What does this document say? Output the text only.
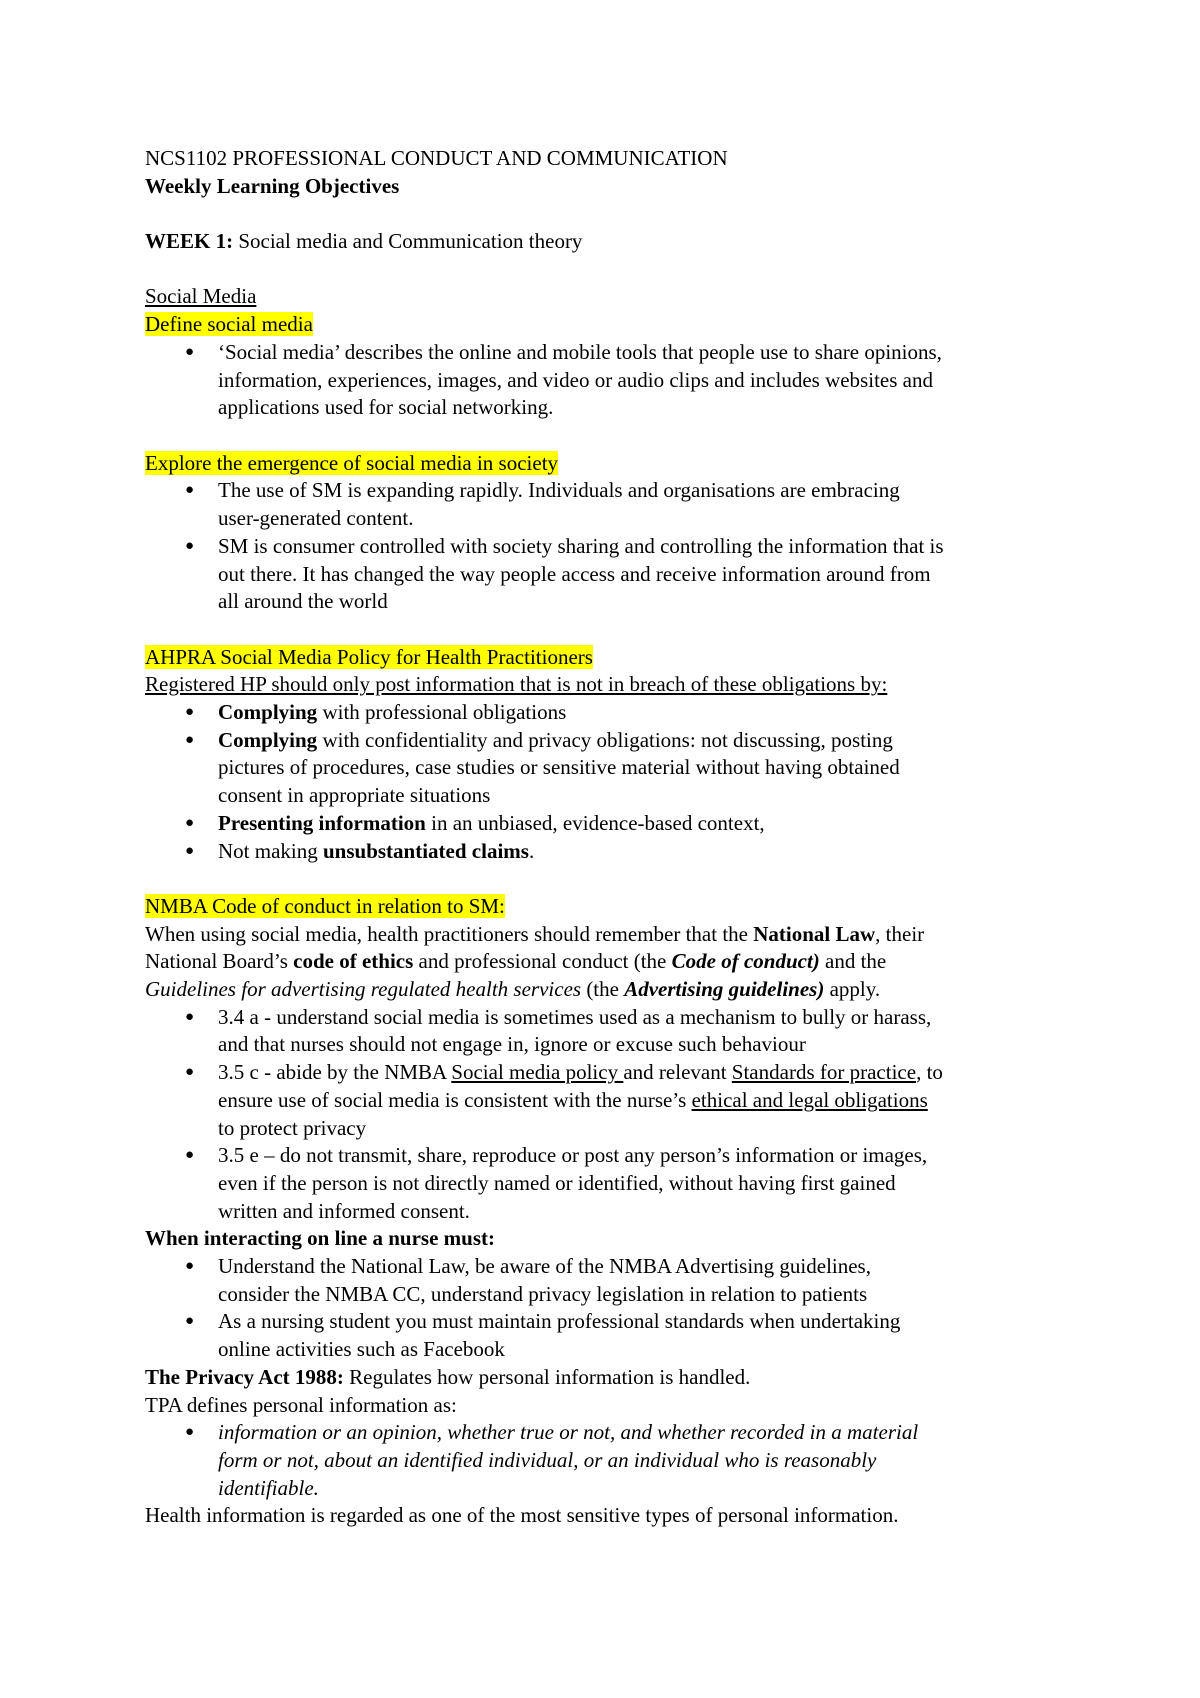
NCS1102 PROFESSIONAL CONDUCT AND COMMUNICATION

Weekly Learning Objectives

WEEK 1: Social media and Communication theory

Social Media

Define social media

● ‘Social media’ describes the online and mobile tools that people use to share opinions,
information, experiences, images, and video or audio clips and includes websites and
applications used for social networking.

Explore the emergence of social media in society

● The use of SM is expanding rapidly. Individuals and organisations are embracing
user-generated content.
● SM is consumer controlled with society sharing and controlling the information that is
out there. It has changed the way people access and receive information around from
all around the world

AHPRA Social Media Policy for Health Practitioners

Registered HP should only post information that is not in breach of these obligations by:

● Complying with professional obligations
● Complying with confidentiality and privacy obligations: not discussing, posting
pictures of procedures, case studies or sensitive material without having obtained
consent in appropriate situations
● Presenting information in an unbiased, evidence-based context,
● Not making unsubstantiated claims.

NMBA Code of conduct in relation to SM:

When using social media, health practitioners should remember that the National Law, their

National Board’s code of ethics and professional conduct (the Code of conduct) and the

Guidelines for advertising regulated health services (the Advertising guidelines) apply.

● 3.4 a - understand social media is sometimes used as a mechanism to bully or harass,
and that nurses should not engage in, ignore or excuse such behaviour
● 3.5 c - abide by the NMBA Social media policy and relevant Standards for practice, to
ensure use of social media is consistent with the nurse’s ethical and legal obligations
to protect privacy
● 3.5 e – do not transmit, share, reproduce or post any person’s information or images,
even if the person is not directly named or identified, without having first gained
written and informed consent.

When interacting on line a nurse must:

● Understand the National Law, be aware of the NMBA Advertising guidelines,
consider the NMBA CC, understand privacy legislation in relation to patients
● As a nursing student you must maintain professional standards when undertaking
online activities such as Facebook

The Privacy Act 1988: Regulates how personal information is handled.

TPA defines personal information as:

● information or an opinion, whether true or not, and whether recorded in a material
form or not, about an identified individual, or an individual who is reasonably
identifiable.

Health information is regarded as one of the most sensitive types of personal information.
